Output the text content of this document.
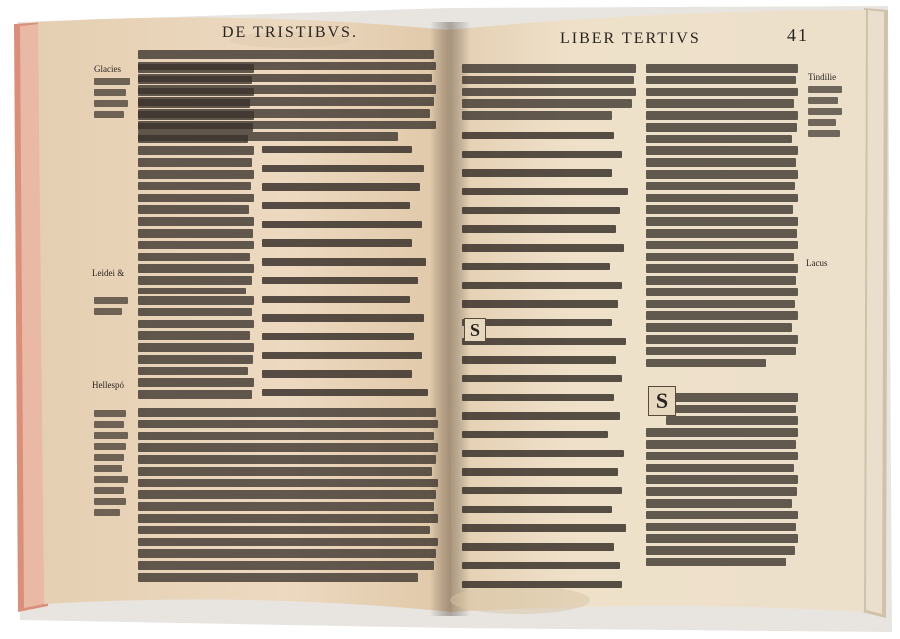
DE TRISTIBVS.	LIBER TERTIVS	41
Glacies
Leidei &
Hellespó
Tindilie
Lacus
S
S
